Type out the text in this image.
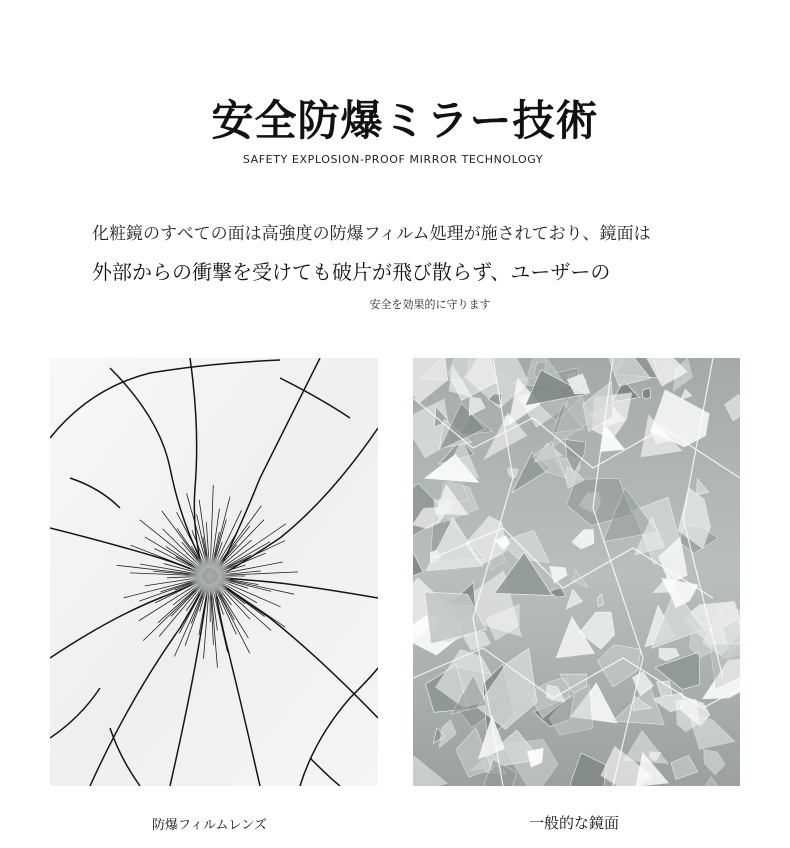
安全防爆ミラー技術
SAFETY EXPLOSION-PROOF MIRROR TECHNOLOGY
化粧鏡のすべての面は高強度の防爆フィルム処理が施されており、鏡面は
外部からの衝撃を受けても破片が飛び散らず、ユーザーの
安全を効果的に守ります
防爆フィルムレンズ	一般的な鏡面
